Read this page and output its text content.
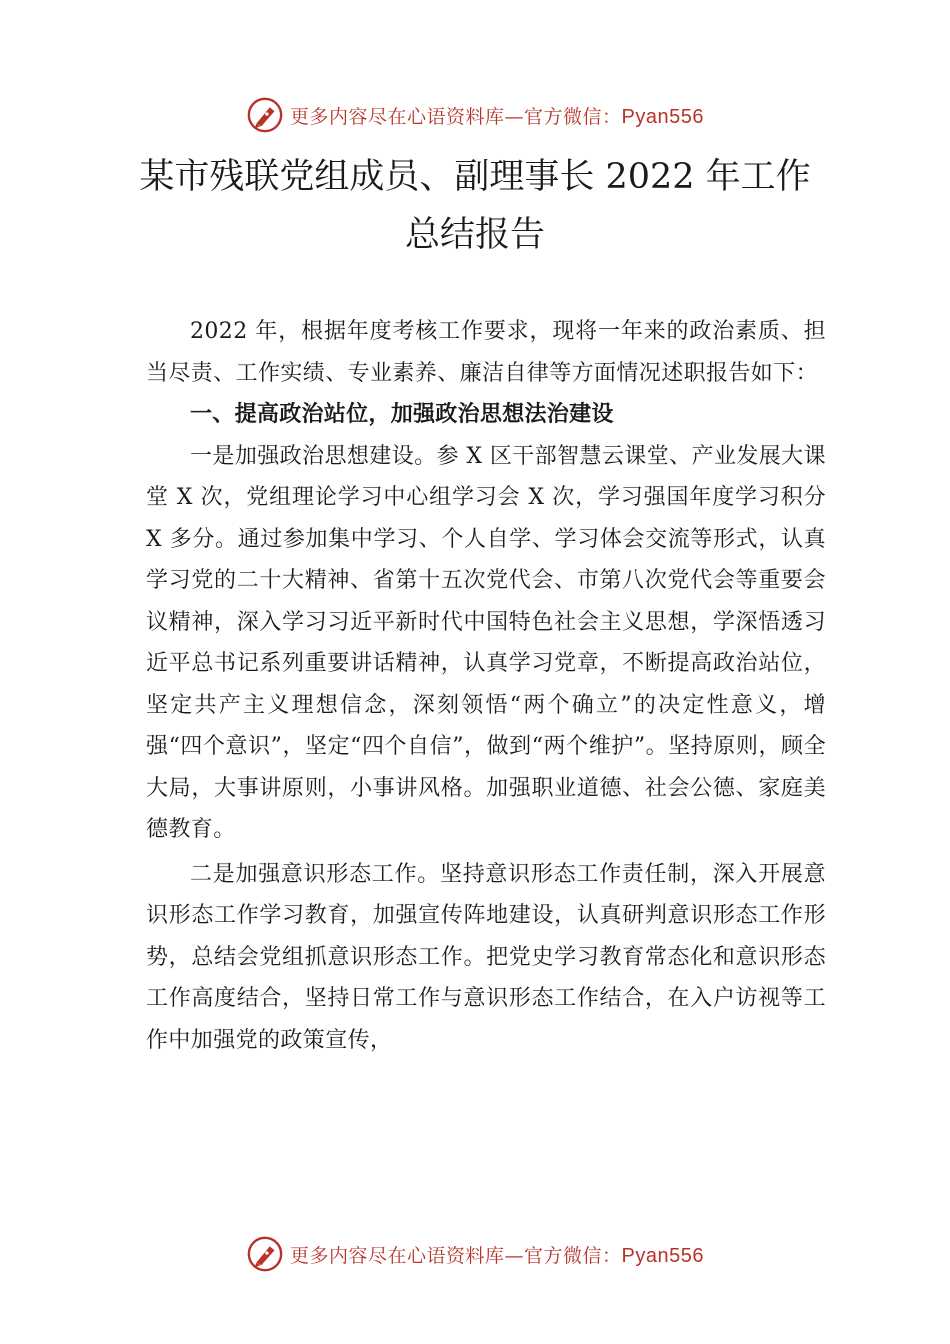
更多内容尽在心语资料库—官方微信：Pyan556
某市残联党组成员、副理事长 2022 年工作
总结报告

2022 年，根据年度考核工作要求，现将一年来的政治素质、担当尽责、工作实绩、专业素养、廉洁自律等方面情况述职报告如下：

一、提高政治站位，加强政治思想法治建设

一是加强政治思想建设。参 X 区干部智慧云课堂、产业发展大课堂 X 次，党组理论学习中心组学习会 X 次，学习强国年度学习积分 X 多分。通过参加集中学习、个人自学、学习体会交流等形式，认真学习党的二十大精神、省第十五次党代会、市第八次党代会等重要会议精神，深入学习习近平新时代中国特色社会主义思想，学深悟透习近平总书记系列重要讲话精神，认真学习党章，不断提高政治站位，坚定共产主义理想信念，深刻领悟“两个确立”的决定性意义，增强“四个意识”，坚定“四个自信”，做到“两个维护”。坚持原则，顾全大局，大事讲原则，小事讲风格。加强职业道德、社会公德、家庭美德教育。

二是加强意识形态工作。坚持意识形态工作责任制，深入开展意识形态工作学习教育，加强宣传阵地建设，认真研判意识形态工作形势，总结会党组抓意识形态工作。把党史学习教育常态化和意识形态工作高度结合，坚持日常工作与意识形态工作结合，在入户访视等工作中加强党的政策宣传，

更多内容尽在心语资料库—官方微信：Pyan556
